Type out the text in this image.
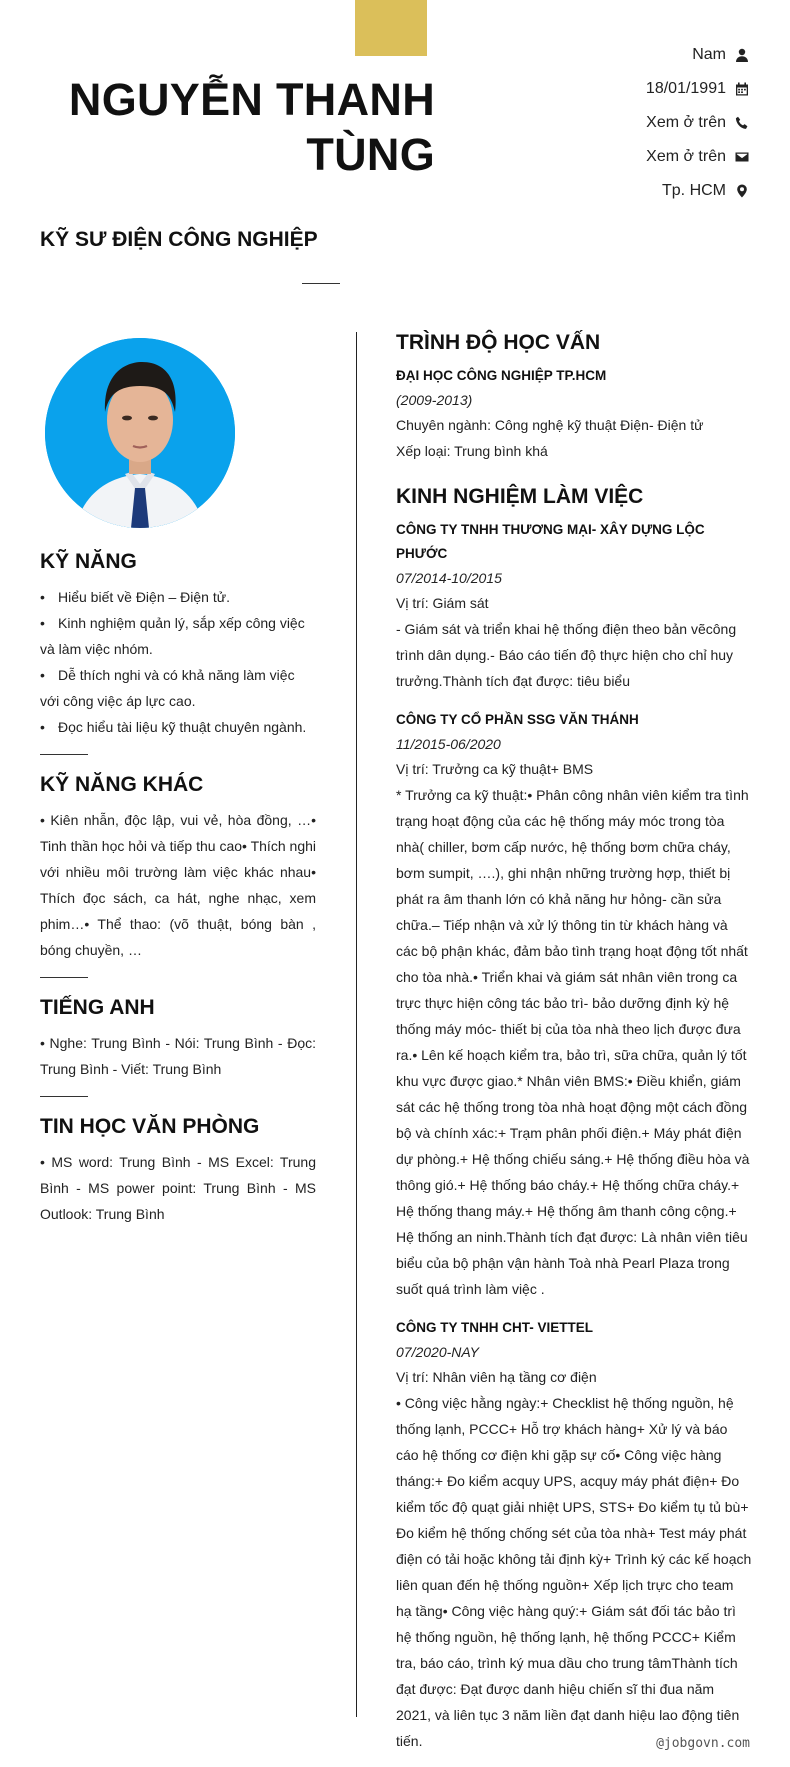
NGUYỄN THANH TÙNG
Nam
18/01/1991
Xem ở trên
Xem ở trên
Tp. HCM
KỸ SƯ ĐIỆN CÔNG NGHIỆP
KỸ NĂNG
• Hiểu biết về Điện – Điện tử.
• Kinh nghiệm quản lý, sắp xếp công việc và làm việc nhóm.
• Dễ thích nghi và có khả năng làm việc với công việc áp lực cao.
• Đọc hiểu tài liệu kỹ thuật chuyên ngành.
KỸ NĂNG KHÁC

• Kiên nhẫn, độc lập, vui vẻ, hòa đồng, …• Tinh thần học hỏi và tiếp thu cao• Thích nghi với nhiều môi trường làm việc khác nhau• Thích đọc sách, ca hát, nghe nhạc, xem phim…• Thể thao: (võ thuật, bóng bàn , bóng chuyền, …

TIẾNG ANH

• Nghe: Trung Bình - Nói: Trung Bình - Đọc: Trung Bình - Viết: Trung Bình

TIN HỌC VĂN PHÒNG

• MS word: Trung Bình - MS Excel: Trung Bình - MS power point: Trung Bình - MS Outlook: Trung Bình

TRÌNH ĐỘ HỌC VẤN
ĐẠI HỌC CÔNG NGHIỆP TP.HCM
(2009-2013)
Chuyên ngành: Công nghệ kỹ thuật Điện- Điện tử
Xếp loại: Trung bình khá
KINH NGHIỆM LÀM VIỆC
CÔNG TY TNHH THƯƠNG MẠI- XÂY DỰNG LỘC PHƯỚC
07/2014-10/2015
Vị trí: Giám sát
- Giám sát và triển khai hệ thống điện theo bản vẽcông trình dân dụng.- Báo cáo tiến độ thực hiện cho chỉ huy trưởng.Thành tích đạt được: tiêu biểu
CÔNG TY CỔ PHẦN SSG VĂN THÁNH
11/2015-06/2020
Vị trí: Trưởng ca kỹ thuật+ BMS
* Trưởng ca kỹ thuật:• Phân công nhân viên kiểm tra tình trạng hoạt động của các hệ thống máy móc trong tòa nhà( chiller, bơm cấp nước, hệ thống bơm chữa cháy, bơm sumpit, ….), ghi nhận những trường hợp, thiết bị phát ra âm thanh lớn có khả năng hư hỏng- cần sửa chữa.– Tiếp nhận và xử lý thông tin từ khách hàng và các bộ phận khác, đảm bảo tình trạng hoạt động tốt nhất cho tòa nhà.• Triển khai và giám sát nhân viên trong ca trực thực hiện công tác bảo trì- bảo dưỡng định kỳ hệ thống máy móc- thiết bị của tòa nhà theo lịch được đưa ra.• Lên kế hoạch kiểm tra, bảo trì, sữa chữa, quản lý tốt khu vực được giao.* Nhân viên BMS:• Điều khiển, giám sát các hệ thống trong tòa nhà hoạt động một cách đồng bộ và chính xác:+ Trạm phân phối điện.+ Máy phát điện dự phòng.+ Hệ thống chiếu sáng.+ Hệ thống điều hòa và thông gió.+ Hệ thống báo cháy.+ Hệ thống chữa cháy.+ Hệ thống thang máy.+ Hệ thống âm thanh công cộng.+ Hệ thống an ninh.Thành tích đạt được: Là nhân viên tiêu biểu của bộ phận vận hành Toà nhà Pearl Plaza trong suốt quá trình làm việc .
CÔNG TY TNHH CHT- VIETTEL
07/2020-NAY
Vị trí: Nhân viên hạ tầng cơ điện
• Công việc hằng ngày:+ Checklist hệ thống nguồn, hệ thống lạnh, PCCC+ Hỗ trợ khách hàng+ Xử lý và báo cáo hệ thống cơ điện khi gặp sự cố• Công việc hàng tháng:+ Đo kiểm acquy UPS, acquy máy phát điện+ Đo kiểm tốc độ quạt giải nhiệt UPS, STS+ Đo kiểm tụ tủ bù+ Đo kiểm hệ thống chống sét của tòa nhà+ Test máy phát điện có tải hoặc không tải định kỳ+ Trình ký các kế hoạch liên quan đến hệ thống nguồn+ Xếp lịch trực cho team hạ tầng• Công việc hàng quý:+ Giám sát đối tác bảo trì hệ thống nguồn, hệ thống lạnh, hệ thống PCCC+ Kiểm tra, báo cáo, trình ký mua dầu cho trung tâmThành tích đạt được: Đạt được danh hiệu chiến sĩ thi đua năm 2021, và liên tục 3 năm liền đạt danh hiệu lao động tiên tiến.	@jobgovn.com
